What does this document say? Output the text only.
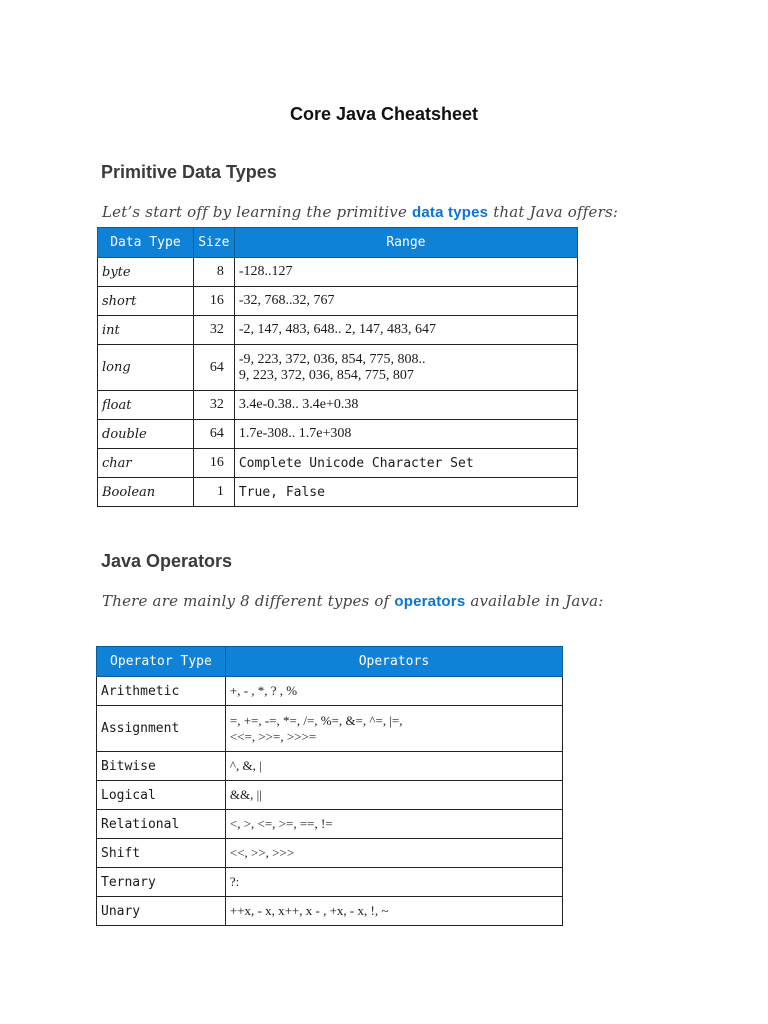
Core Java Cheatsheet
Primitive Data Types
Let’s start off by learning the primitive data types that Java offers:
Data Type	Size	Range
byte	8	-128..127
short	16	-32, 768..32, 767
int	32	-2, 147, 483, 648.. 2, 147, 483, 647
long	64	-9, 223, 372, 036, 854, 775, 808..
9, 223, 372, 036, 854, 775, 807

float	32	3.4e-0.38.. 3.4e+0.38
double	64	1.7e-308.. 1.7e+308
char	16	Complete Unicode Character Set
Boolean	1	True, False
Java Operators
There are mainly 8 different types of operators available in Java:
Operator Type	Operators
Arithmetic	+, - , *, ? , %
Assignment	=, +=, -=, *=, /=, %=, &=, ^=, |=,
<<=, >>=, >>>=

Bitwise	^, &, |
Logical	&&, ||
Relational	<, >, <=, >=, ==, !=
Shift	<<, >>, >>>
Ternary	?:
Unary	++x, - x, x++, x - , +x, - x, !, ~
